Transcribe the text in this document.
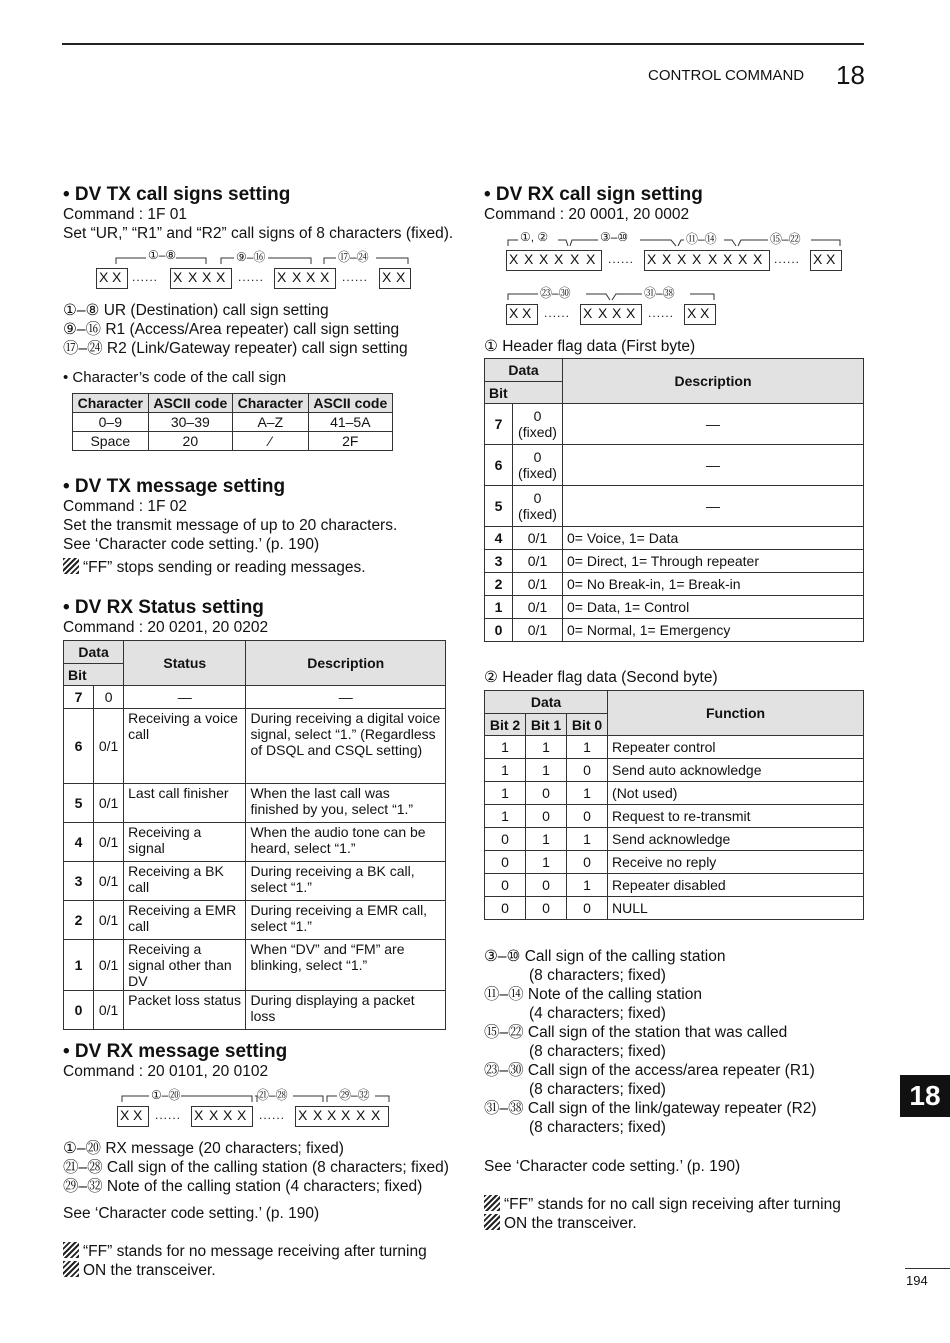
CONTROL COMMAND 18
• DV TX call signs setting
Command : 1F 01
Set “UR,” “R1” and “R2” call signs of 8 characters (fixed).
①–⑧	⑨–⑯	⑰–㉔
X X ...... X X X X ...... X X X X ...... X X
①–⑧ UR (Destination) call sign setting
⑨–⑯ R1 (Access/Area repeater) call sign setting
⑰–㉔ R2 (Link/Gateway repeater) call sign setting
• Character’s code of the call sign
Character	ASCII code	Character	ASCII code
0–9	30–39	A–Z	41–5A
Space	20	⁄	2F
• DV TX message setting
Command : 1F 02
Set the transmit message of up to 20 characters.
See ‘Character code setting.’ (p. 190)
“FF” stops sending or reading messages.
• DV RX Status setting
Command : 20 0201, 20 0202
Data		Status	Description
Bit			
7	0	—	—
6	0/1	Receiving a voice call	During receiving a digital voice signal, select “1.” (Regardless of DSQL and CSQL setting)
5	0/1	Last call finisher	When the last call was finished by you, select “1.”
4	0/1	Receiving a signal	When the audio tone can be heard, select “1.”
3	0/1	Receiving a BK call	During receiving a BK call, select “1.”
2	0/1	Receiving a EMR call	During receiving a EMR call, select “1.”
1	0/1	Receiving a signal other than DV	When “DV” and “FM” are blinking, select “1.”
0	0/1	Packet loss status	During displaying a packet loss
• DV RX message setting
Command : 20 0101, 20 0102
①–⑳	㉑–㉘	㉙–㉜
X X ...... X X X X ...... X X X X X X
①–⑳ RX message (20 characters; fixed)
㉑–㉘ Call sign of the calling station (8 characters; fixed)
㉙–㉜ Note of the calling station (4 characters; fixed)
See ‘Character code setting.’ (p. 190)
“FF” stands for no message receiving after turning
ON the transceiver.
• DV RX call sign setting
Command : 20 0001, 20 0002
①, ②	③–⑩	⑪–⑭	⑮–㉒
X X X X X X ...... X X X X X X X X ...... X X
㉓–㉚	㉛–㊳
X X ...... X X X X ...... X X
① Header flag data (First byte)
Data		Description
Bit		
7	0 (fixed)	—
6	0 (fixed)	—
5	0 (fixed)	—
4	0/1	0= Voice, 1= Data
3	0/1	0= Direct, 1= Through repeater
2	0/1	0= No Break-in, 1= Break-in
1	0/1	0= Data, 1= Control
0	0/1	0= Normal, 1= Emergency
② Header flag data (Second byte)
Data			Function
Bit 2	Bit 1	Bit 0	
1	1	1	Repeater control
1	1	0	Send auto acknowledge
1	0	1	(Not used)
1	0	0	Request to re-transmit
0	1	1	Send acknowledge
0	1	0	Receive no reply
0	0	1	Repeater disabled
0	0	0	NULL
③–⑩ Call sign of the calling station
(8 characters; fixed)
⑪–⑭ Note of the calling station
(4 characters; fixed)
⑮–㉒ Call sign of the station that was called
(8 characters; fixed)
㉓–㉚ Call sign of the access/area repeater (R1)
(8 characters; fixed)
㉛–㊳ Call sign of the link/gateway repeater (R2)
(8 characters; fixed)
See ‘Character code setting.’ (p. 190)
“FF” stands for no call sign receiving after turning
ON the transceiver.
18
194
